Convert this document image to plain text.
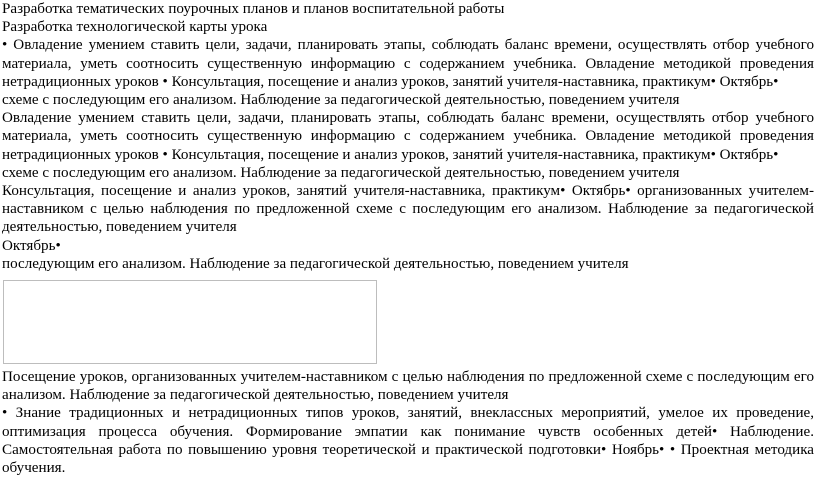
Разработка тематических поурочных планов и планов воспитательной работы
Разработка технологической карты урока
• Овладение умением ставить цели, задачи, планировать этапы, соблюдать баланс времени, осуществлять отбор учебного материала, уметь соотносить существенную информацию с содержанием учебника. Овладение методикой проведения нетрадиционных уроков • Консультация, посещение и анализ уроков, занятий учителя-наставника, практикум• Октябрь•
схеме с последующим его анализом. Наблюдение за педагогической деятельностью, поведением учителя
Овладение умением ставить цели, задачи, планировать этапы, соблюдать баланс времени, осуществлять отбор учебного материала, уметь соотносить существенную информацию с содержанием учебника. Овладение методикой проведения нетрадиционных уроков • Консультация, посещение и анализ уроков, занятий учителя-наставника, практикум• Октябрь•
схеме с последующим его анализом. Наблюдение за педагогической деятельностью, поведением учителя
Консультация, посещение и анализ уроков, занятий учителя-наставника, практикум• Октябрь• организованных учителем-наставником с целью наблюдения по предложенной схеме с последующим его анализом. Наблюдение за педагогической деятельностью, поведением учителя
Октябрь•
последующим его анализом. Наблюдение за педагогической деятельностью, поведением учителя
Посещение уроков, организованных учителем-наставником с целью наблюдения по предложенной схеме с последующим его анализом. Наблюдение за педагогической деятельностью, поведением учителя
• Знание традиционных и нетрадиционных типов уроков, занятий, внеклассных мероприятий, умелое их проведение, оптимизация процесса обучения. Формирование эмпатии как понимание чувств особенных детей• Наблюдение. Самостоятельная работа по повышению уровня теоретической и практической подготовки• Ноябрь• • Проектная методика обучения.
